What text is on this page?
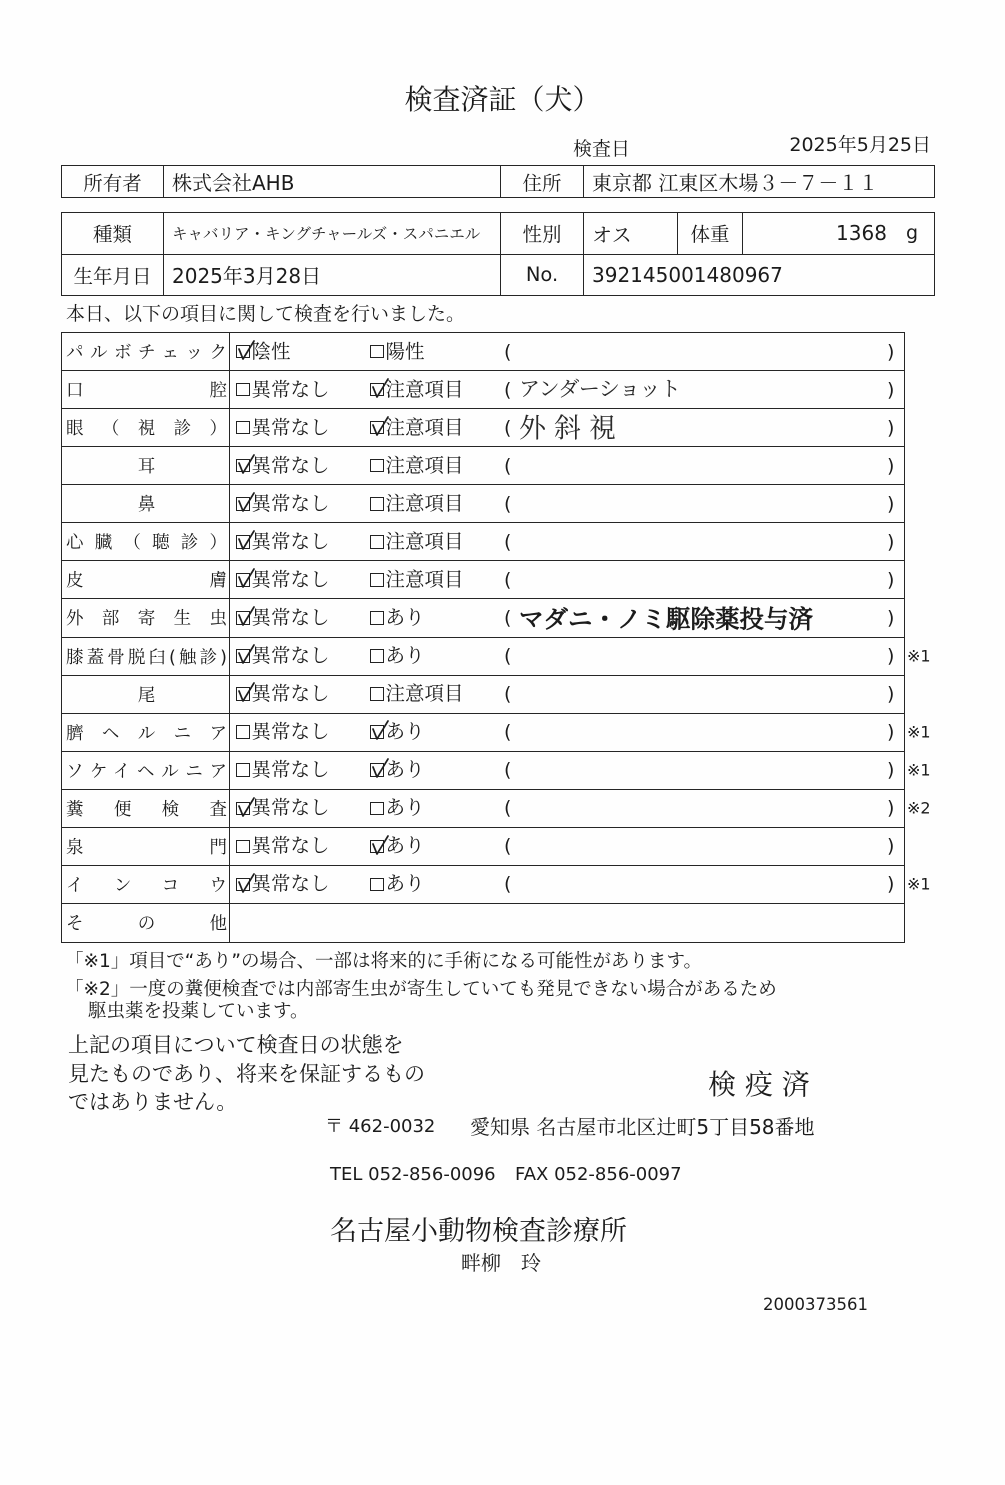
検査済証（犬）
検査日	2025年5月25日
所有者	株式会社AHB	住所	東京都 江東区木場３－７－１１
種類	キャバリア・キングチャールズ・スパニエル	性別	オス	体重	1368 g
生年月日	2025年3月28日	No.	392145001480967
本日、以下の項目に関して検査を行いました。
パルボチェック 陰性	陽性	(	)
口腔 異常なし	注意項目 ( アンダーショット	)
眼（視診） 異常なし	注意項目 ( 外斜視	)
耳	異常なし	注意項目 (	)
鼻	異常なし	注意項目 (	)
心臓（聴診） 異常なし	注意項目 (	)
皮膚 異常なし	注意項目 (	)
外部寄生虫 異常なし	あり	( マダニ・ノミ駆除薬投与済	)
膝蓋骨脱臼(触診) 異常なし	あり	(	) ※1
尾	異常なし	注意項目 (	)
臍ヘルニア 異常なし	あり	(	) ※1
ソケイヘルニア 異常なし	あり	(	) ※1
糞便検査 異常なし	あり	(	) ※2
泉門 異常なし	あり	(	)
インコウ 異常なし	あり	(	) ※1
その他
「※1」項目で“あり”の場合、一部は将来的に手術になる可能性があります。
「※2」一度の糞便検査では内部寄生虫が寄生していても発見できない場合があるため
駆虫薬を投薬しています。
上記の項目について検査日の状態を
見たものであり、将来を保証するもの
ではありません。
検 疫 済
〒 462-0032 愛知県 名古屋市北区辻町5丁目58番地
TEL 052-856-0096 FAX 052-856-0097
名古屋小動物検査診療所
畔柳　玲
2000373561
